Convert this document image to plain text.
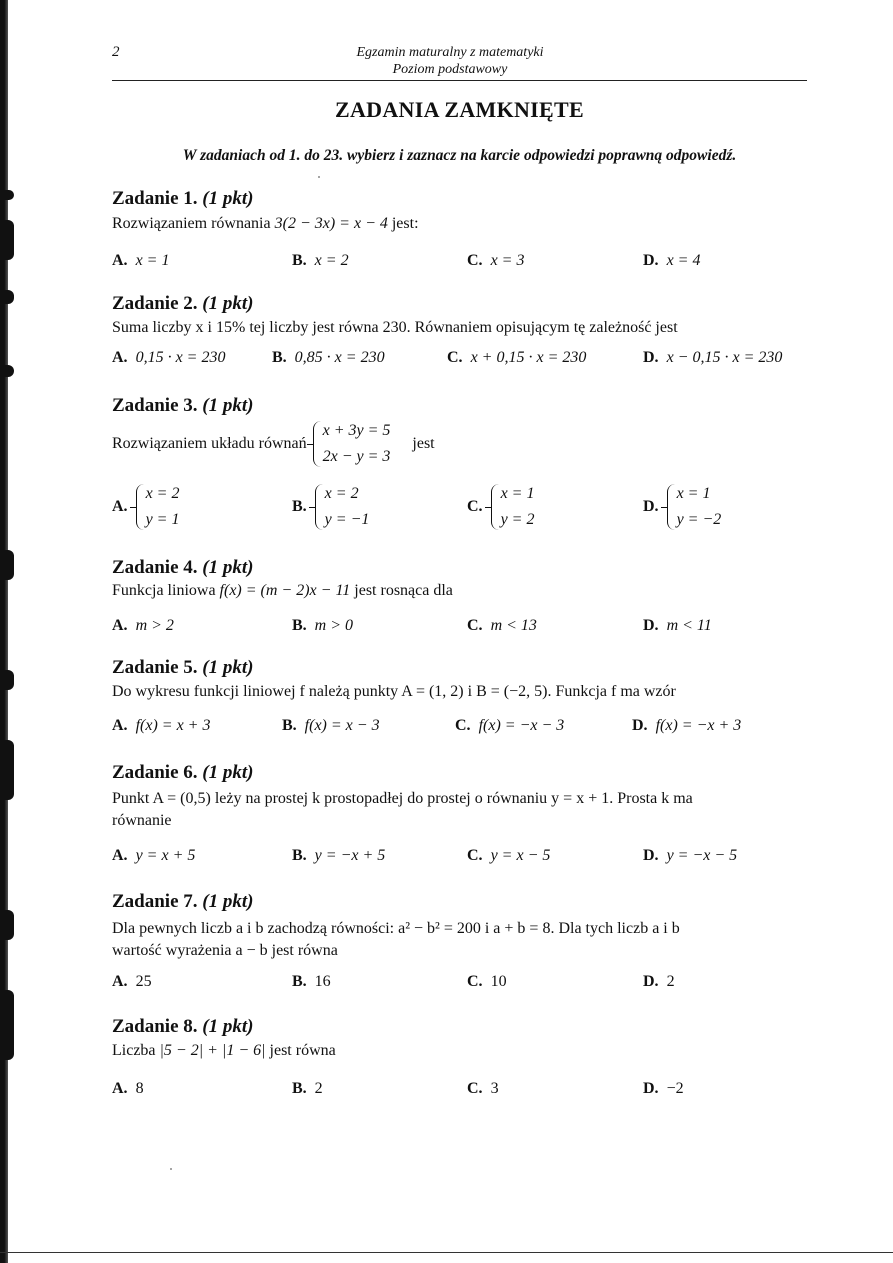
2	Egzamin maturalny z matematyki
Poziom podstawowy
ZADANIA ZAMKNIĘTE
W zadaniach od 1. do 23. wybierz i zaznacz na karcie odpowiedzi poprawną odpowiedź.
Zadanie 1. (1 pkt)
Rozwiązaniem równania 3(2 − 3x) = x − 4 jest:
A. x = 1	B. x = 2	C. x = 3	D. x = 4
Zadanie 2. (1 pkt)
Suma liczby x i 15% tej liczby jest równa 230. Równaniem opisującym tę zależność jest
A. 0,15 · x = 230	B. 0,85 · x = 230	C. x + 0,15 · x = 230	D. x − 0,15 · x = 230
Zadanie 3. (1 pkt)
Rozwiązaniem układu równań
x + 3y = 5
2x − y = 3
jest
A.
x = 2
y = 1
B.
x = 2
y = −1
C.
x = 1
y = 2
D.
x = 1
y = −2
Zadanie 4. (1 pkt)
Funkcja liniowa f(x) = (m − 2)x − 11 jest rosnąca dla
A. m > 2	B. m > 0	C. m < 13	D. m < 11
Zadanie 5. (1 pkt)
Do wykresu funkcji liniowej f należą punkty A = (1, 2) i B = (−2, 5). Funkcja f ma wzór
A. f(x) = x + 3	B. f(x) = x − 3	C. f(x) = −x − 3	D. f(x) = −x + 3
Zadanie 6. (1 pkt)
Punkt A = (0,5) leży na prostej k prostopadłej do prostej o równaniu y = x + 1. Prosta k ma
równanie
A. y = x + 5	B. y = −x + 5	C. y = x − 5	D. y = −x − 5
Zadanie 7. (1 pkt)
Dla pewnych liczb a i b zachodzą równości: a² − b² = 200 i a + b = 8. Dla tych liczb a i b
wartość wyrażenia a − b jest równa
A. 25	B. 16	C. 10	D. 2
Zadanie 8. (1 pkt)
Liczba |5 − 2| + |1 − 6| jest równa
A. 8	B. 2	C. 3	D. −2
